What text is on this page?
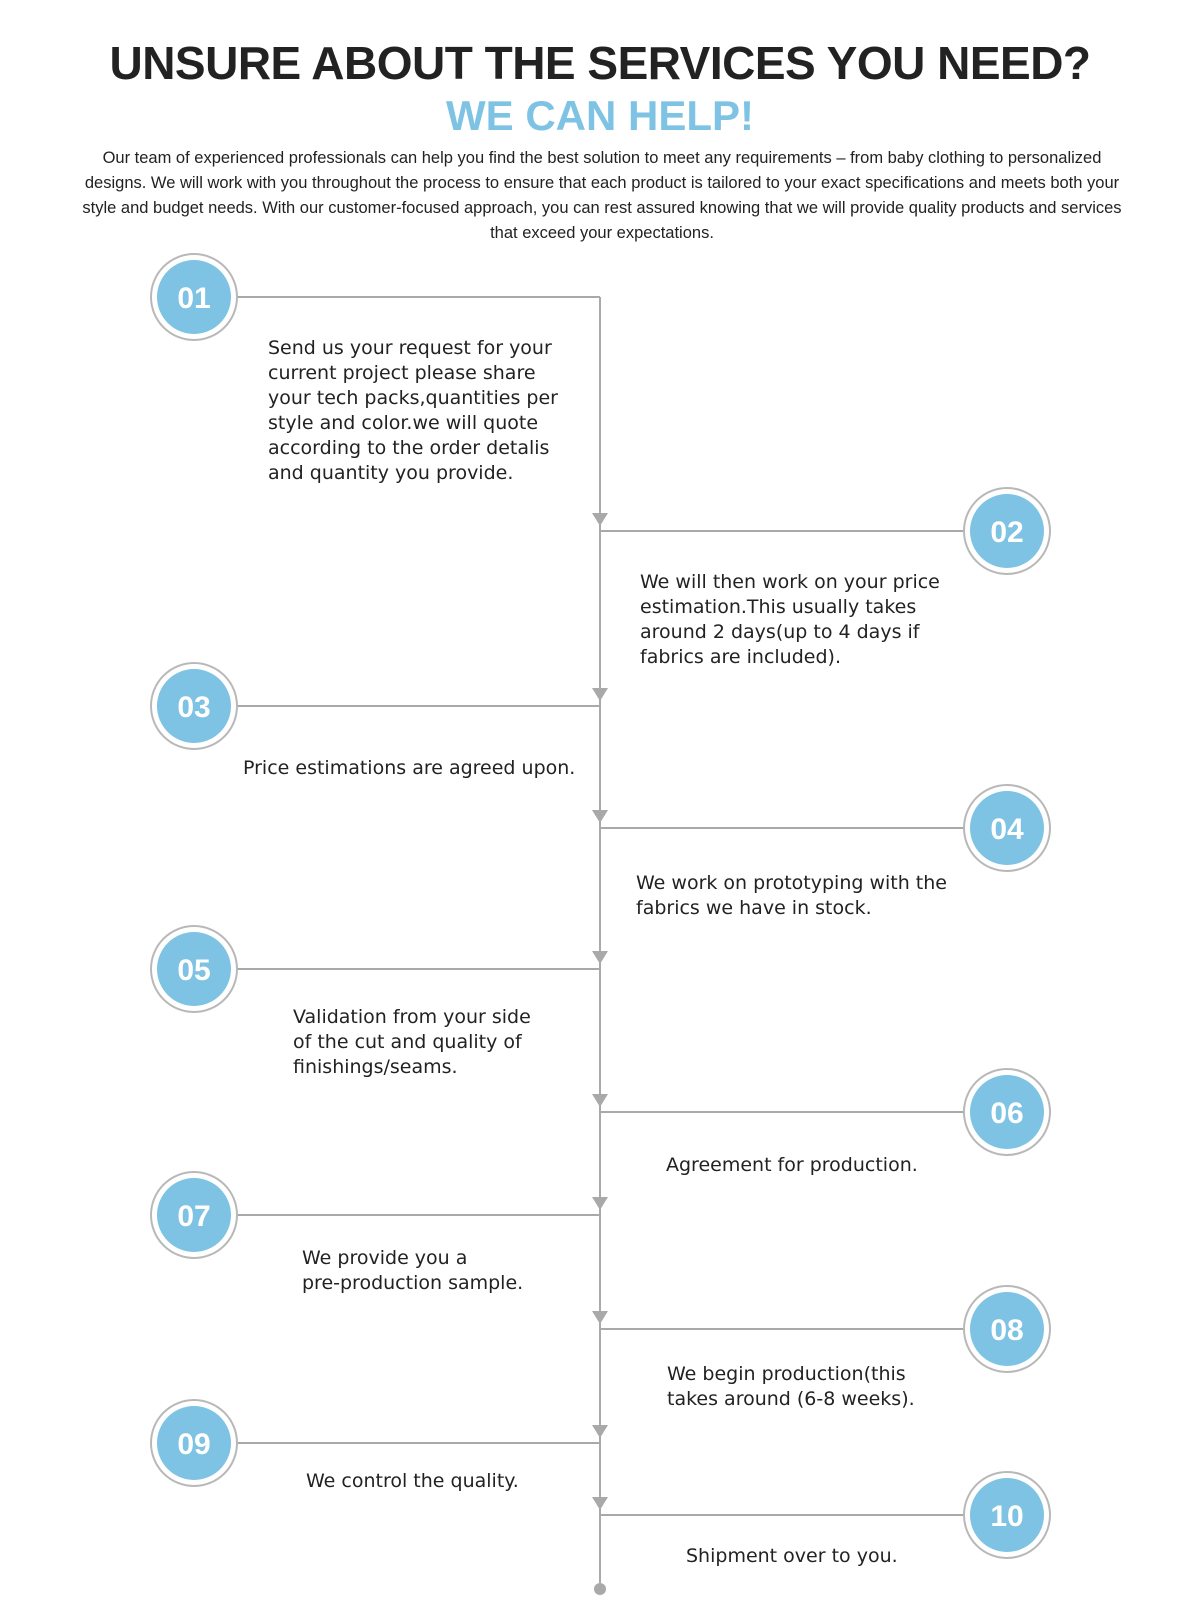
UNSURE ABOUT THE SERVICES YOU NEED?
WE CAN HELP!

Our team of experienced professionals can help you find the best solution to meet any requirements – from baby clothing to personalized designs. We will work with you throughout the process to ensure that each product is tailored to your exact specifications and meets both your style and budget needs. With our customer-focused approach, you can rest assured knowing that we will provide quality products and services that exceed your expectations.

01
02
03
04
05
06
07
08
09
10
Send us your request for your
current project please share
your tech packs,quantities per
style and color.we will quote
according to the order detalis
and quantity you provide.
We will then work on your price
estimation.This usually takes
around 2 days(up to 4 days if
fabrics are included).
Price estimations are agreed upon.
We work on prototyping with the
fabrics we have in stock.
Validation from your side
of the cut and quality of
finishings/seams.
Agreement for production.
We provide you a
pre-production sample.
We begin production(this
takes around (6-8 weeks).
We control the quality.
Shipment over to you.
